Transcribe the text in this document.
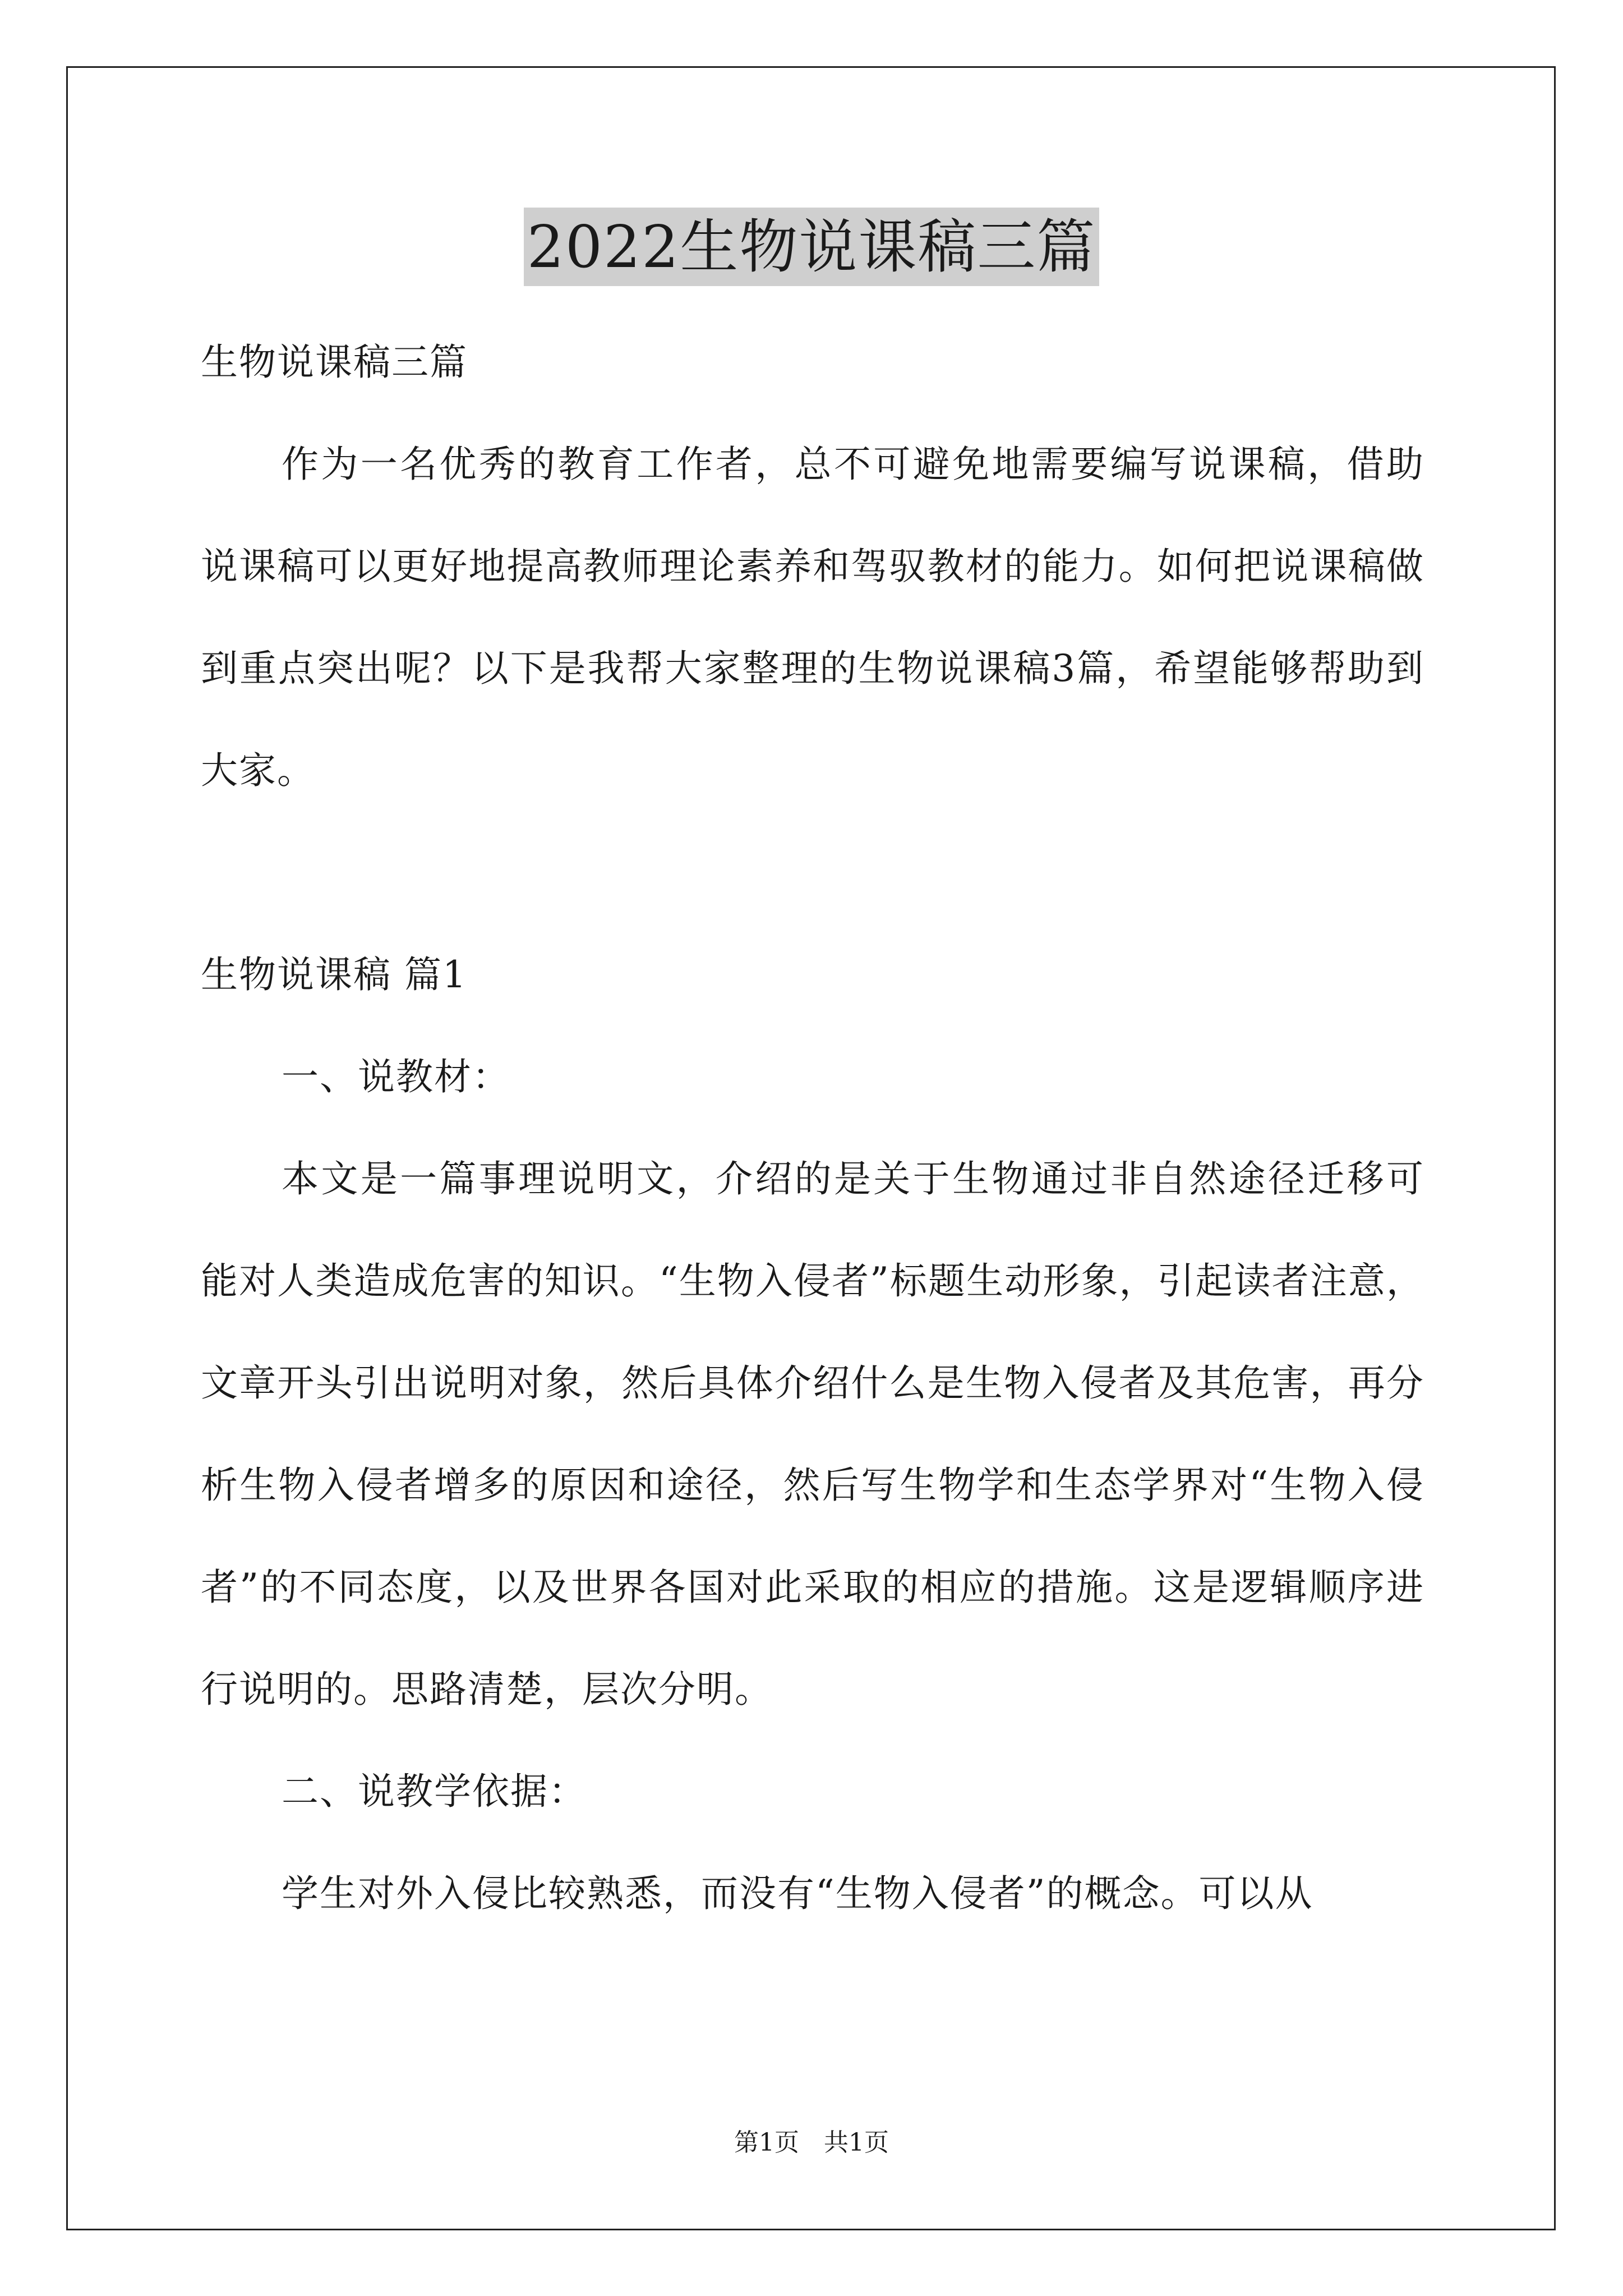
2022生物说课稿三篇

生物说课稿三篇

作为一名优秀的教育工作者，总不可避免地需要编写说课稿，借助说课稿可以更好地提高教师理论素养和驾驭教材的能力。如何把说课稿做到重点突出呢？以下是我帮大家整理的生物说课稿3篇，希望能够帮助到大家。

生物说课稿 篇1

一、说教材：

本文是一篇事理说明文，介绍的是关于生物通过非自然途径迁移可能对人类造成危害的知识。“生物入侵者”标题生动形象，引起读者注意，文章开头引出说明对象，然后具体介绍什么是生物入侵者及其危害，再分析生物入侵者增多的原因和途径，然后写生物学和生态学界对“生物入侵者”的不同态度，以及世界各国对此采取的相应的措施。这是逻辑顺序进行说明的。思路清楚，层次分明。

二、说教学依据：

学生对外入侵比较熟悉，而没有“生物入侵者”的概念。可以从

第1页　共1页
